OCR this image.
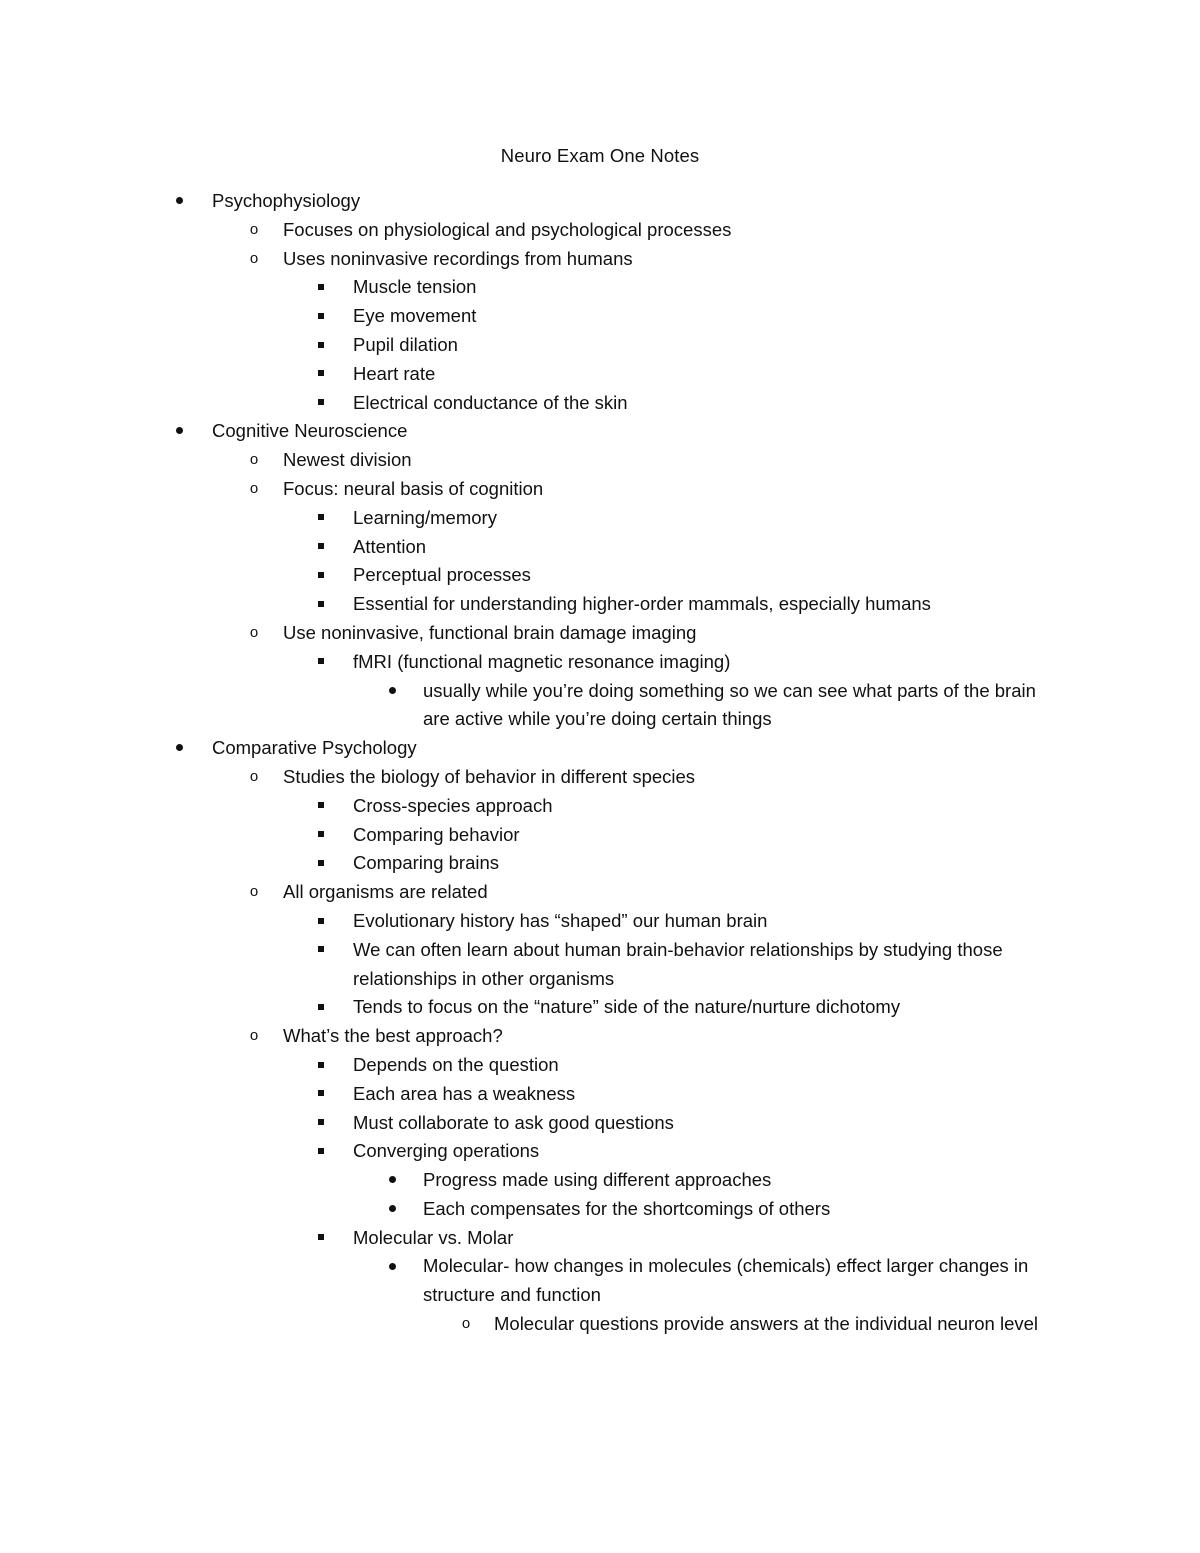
Neuro Exam One Notes
Psychophysiology
o Focuses on physiological and psychological processes
o Uses noninvasive recordings from humans
Muscle tension
Eye movement
Pupil dilation
Heart rate
Electrical conductance of the skin
Cognitive Neuroscience
o Newest division
o Focus: neural basis of cognition
Learning/memory
Attention
Perceptual processes
Essential for understanding higher-order mammals, especially humans
o Use noninvasive, functional brain damage imaging
fMRI (functional magnetic resonance imaging)
usually while you’re doing something so we can see what parts of the brain are active while you’re doing certain things
Comparative Psychology
o Studies the biology of behavior in different species
Cross-species approach
Comparing behavior
Comparing brains
o All organisms are related
Evolutionary history has “shaped” our human brain
We can often learn about human brain-behavior relationships by studying those relationships in other organisms
Tends to focus on the “nature” side of the nature/nurture dichotomy
o What’s the best approach?
Depends on the question
Each area has a weakness
Must collaborate to ask good questions
Converging operations
Progress made using different approaches
Each compensates for the shortcomings of others
Molecular vs. Molar
Molecular- how changes in molecules (chemicals) effect larger changes in structure and function
o Molecular questions provide answers at the individual neuron level
